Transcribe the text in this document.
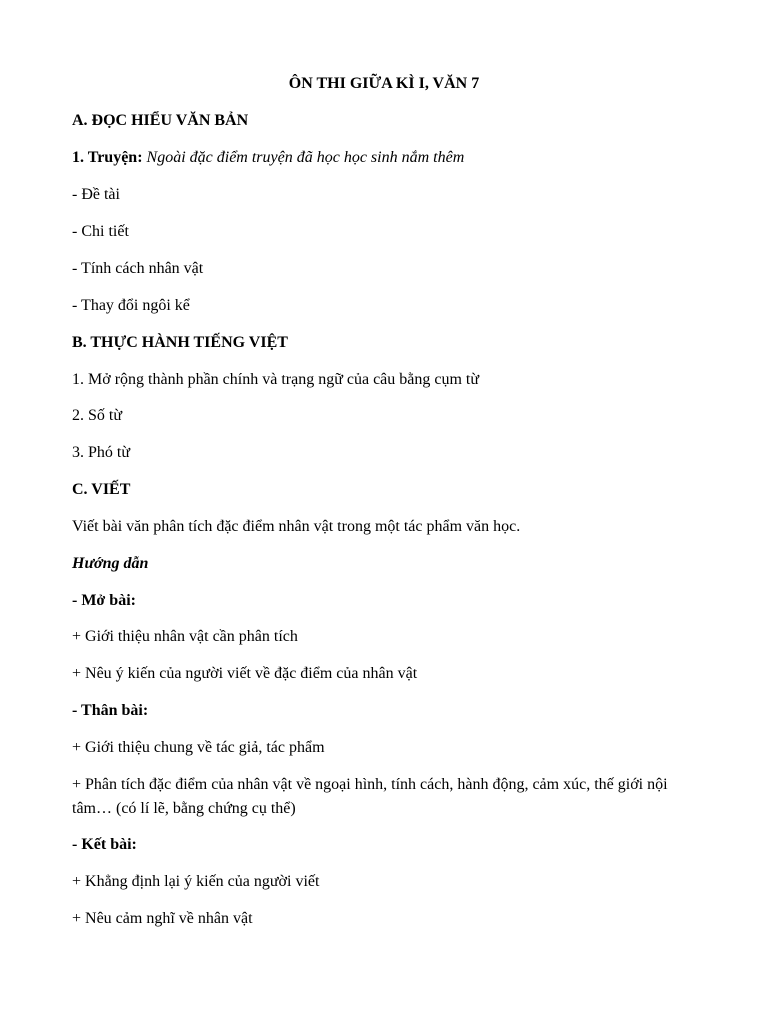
ÔN THI GIỮA KÌ I, VĂN 7

A. ĐỌC HIỂU VĂN BẢN

1. Truyện: Ngoài đặc điểm truyện đã học học sinh nắm thêm

- Đề tài

- Chi tiết

- Tính cách nhân vật

- Thay đổi ngôi kể

B. THỰC HÀNH TIẾNG VIỆT

1. Mở rộng thành phần chính và trạng ngữ của câu bằng cụm từ

2. Số từ

3. Phó từ

C. VIẾT

Viết bài văn phân tích đặc điểm nhân vật trong một tác phẩm văn học.

Hướng dẫn

- Mở bài:

+ Giới thiệu nhân vật cần phân tích

+ Nêu ý kiến của người viết về đặc điểm của nhân vật

- Thân bài:

+ Giới thiệu chung về tác giả, tác phẩm

+ Phân tích đặc điểm của nhân vật về ngoại hình, tính cách, hành động, cảm xúc, thế giới nội tâm… (có lí lẽ, bằng chứng cụ thể)

- Kết bài:

+ Khẳng định lại ý kiến của người viết

+ Nêu cảm nghĩ về nhân vật
